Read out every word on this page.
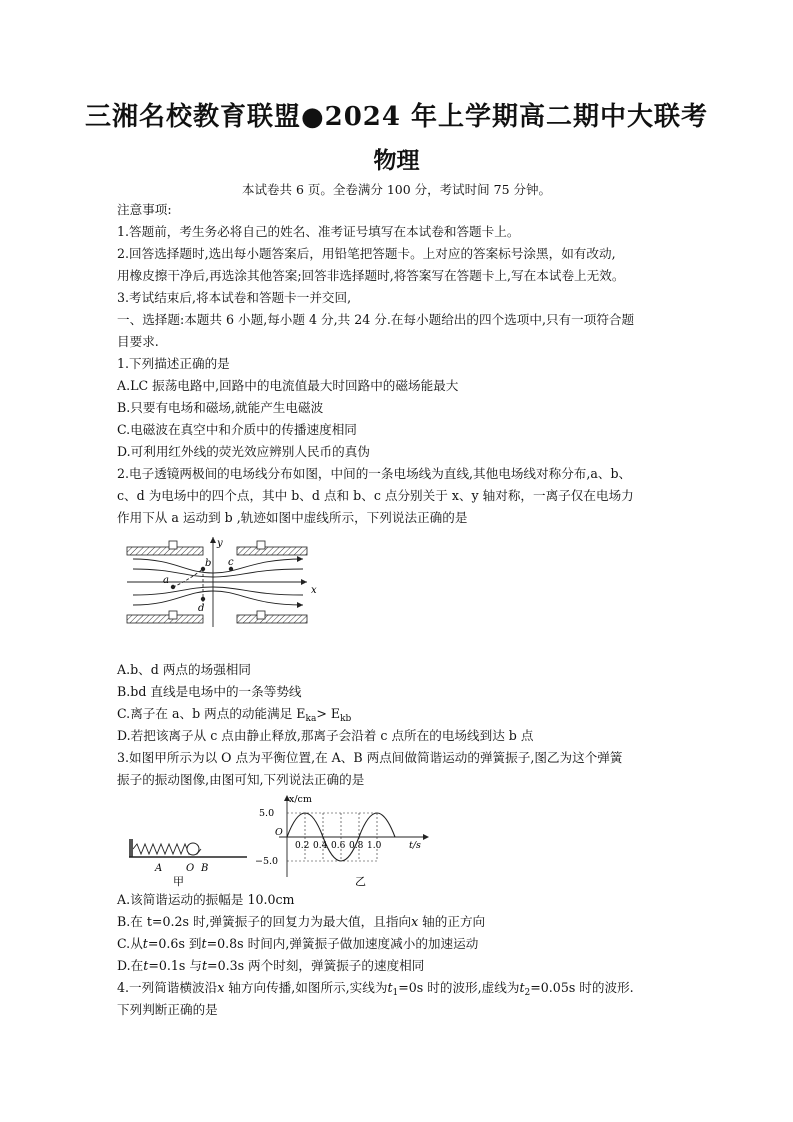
三湘名校教育联盟●2024 年上学期高二期中大联考
物理
本试卷共 6 页。全卷满分 100 分，考试时间 75 分钟。
注意事项:
1.答题前，考生务必将自己的姓名、准考证号填写在本试卷和答题卡上。
2.回答选择题时,选出每小题答案后，用铅笔把答题卡。上对应的答案标号涂黑，如有改动,
用橡皮擦干净后,再选涂其他答案;回答非选择题时,将答案写在答题卡上,写在本试卷上无效。
3.考试结束后,将本试卷和答题卡一并交回,
一、选择题:本题共 6 小题,每小题 4 分,共 24 分.在每小题给出的四个选项中,只有一项符合题
目要求.
1.下列描述正确的是
A.LC 振荡电路中,回路中的电流值最大时回路中的磁场能最大
B.只要有电场和磁场,就能产生电磁波
C.电磁波在真空中和介质中的传播速度相同
D.可利用红外线的荧光效应辨别人民币的真伪
2.电子透镜两极间的电场线分布如图，中间的一条电场线为直线,其他电场线对称分布,a、b、
c、d 为电场中的四个点，其中 b、d 点和 b、c 点分别关于 x、y 轴对称，一离子仅在电场力
作用下从 a 运动到 b ,轨迹如图中虚线所示，下列说法正确的是
y
x
a
b c
d
A.b、d 两点的场强相同
B.bd 直线是电场中的一条等势线
C.离子在 a、b 两点的动能满足 $E_{ka}> E_{kb}$
D.若把该离子从 c 点由静止释放,那离子会沿着 c 点所在的电场线到达 b 点
3.如图甲所示为以 O 点为平衡位置,在 A、B 两点间做简谐运动的弹簧振子,图乙为这个弹簧
振子的振动图像,由图可知,下列说法正确的是
A O B
甲
x/cm
5.0
−5.0
O
0.2 0.4 0.6 0.8 1.0	t/s
乙
A.该简谐运动的振幅是 10.0cm
B.在 t=0.2s 时,弹簧振子的回复力为最大值，且指向x 轴的正方向
C.从t=0.6s 到t=0.8s 时间内,弹簧振子做加速度减小的加速运动
D.在t=0.1s 与t=0.3s 两个时刻，弹簧振子的速度相同
4.一列简谐横波沿x 轴方向传播,如图所示,实线为$t_1=0s$ 时的波形,虚线为$t_2=0.05s$ 时的波形.
下列判断正确的是
